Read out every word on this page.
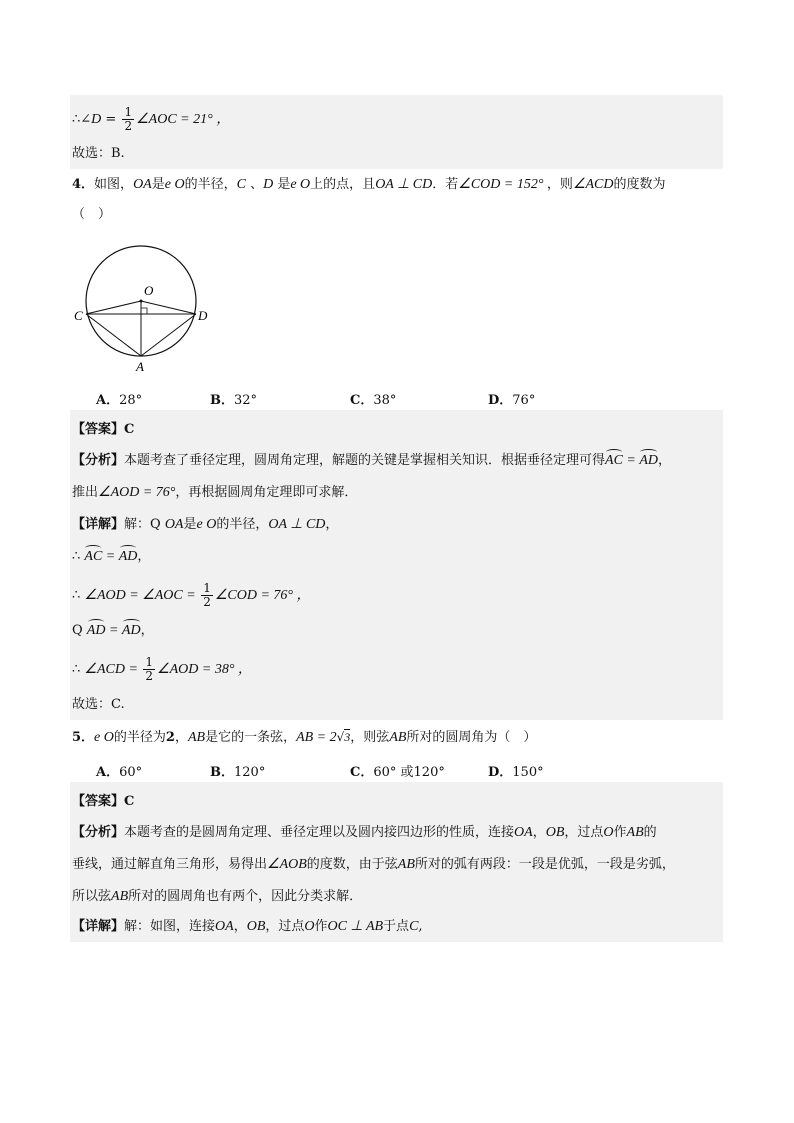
∴∠D = $\frac{1}{2}$ ∠AOC = 21° ，
故选：B.
4．如图，OA是e O的半径，C 、D 是e O上的点，且OA ⊥ CD．若∠COD = 152° ，则∠ACD的度数为
（　）
O
C	D
A
A．28°	B．32°	C．38°	D．76°
【答案】C
【分析】本题考查了垂径定理，圆周角定理，解题的关键是掌握相关知识．根据垂径定理可得AC = AD，
推出∠AOD = 76°，再根据圆周角定理即可求解．
【详解】解：Q OA是e O的半径，OA ⊥ CD，
∴ AC = AD，
∴ ∠AOD = ∠AOC = $\frac{1}{2}$ ∠COD = 76° ，
Q AD = AD，
∴ ∠ACD = $\frac{1}{2}$ ∠AOD = 38° ，
故选：C.
5．e O的半径为2，AB是它的一条弦，AB = 2√3，则弦AB所对的圆周角为（　）
A．60°	B．120°	C．60° 或120°	D．150°
【答案】C
【分析】本题考查的是圆周角定理、垂径定理以及圆内接四边形的性质，连接OA，OB，过点O作AB的
垂线，通过解直角三角形，易得出∠AOB的度数，由于弦AB所对的弧有两段：一段是优弧，一段是劣弧，
所以弦AB所对的圆周角也有两个，因此分类求解．
【详解】解：如图，连接OA，OB，过点O作OC ⊥ AB于点C,
